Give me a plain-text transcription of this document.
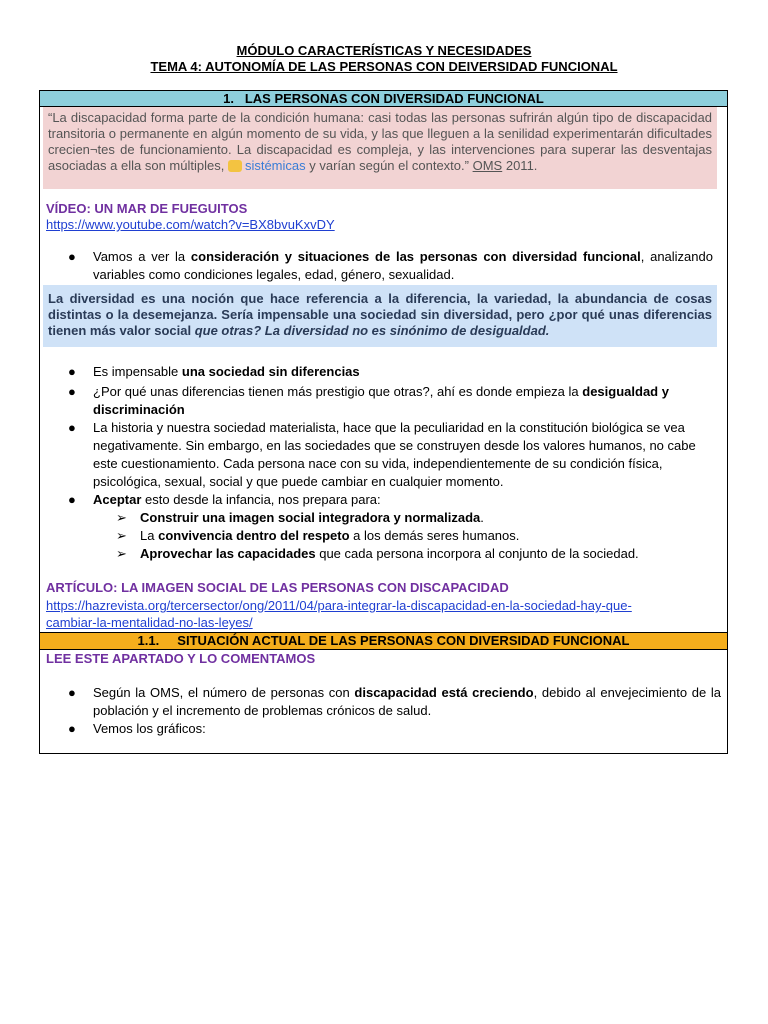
MÓDULO CARACTERÍSTICAS Y NECESIDADES
TEMA 4: AUTONOMÍA DE LAS PERSONAS CON DEIVERSIDAD FUNCIONAL
1. LAS PERSONAS CON DIVERSIDAD FUNCIONAL
“La discapacidad forma parte de la condición humana: casi todas las personas sufrirán algún tipo de discapacidad transitoria o permanente en algún momento de su vida, y las que lleguen a la senilidad experimentarán dificultades crecien¬tes de funcionamiento. La discapacidad es compleja, y las intervenciones para superar las desventajas asociadas a ella son múltiples, sistémicas y varían según el contexto.” OMS 2011.
VÍDEO: UN MAR DE FUEGUITOS
https://www.youtube.com/watch?v=BX8bvuKxvDY
● Vamos a ver la consideración y situaciones de las personas con diversidad funcional, analizando variables como condiciones legales, edad, género, sexualidad.
La diversidad es una noción que hace referencia a la diferencia, la variedad, la abundancia de cosas distintas o la desemejanza. Sería impensable una sociedad sin diversidad, pero ¿por qué unas diferencias tienen más valor social que otras? La diversidad no es sinónimo de desigualdad.
● Es impensable una sociedad sin diferencias
● ¿Por qué unas diferencias tienen más prestigio que otras?, ahí es donde empieza la desigualdad y discriminación
● La historia y nuestra sociedad materialista, hace que la peculiaridad en la constitución biológica se vea negativamente. Sin embargo, en las sociedades que se construyen desde los valores humanos, no cabe este cuestionamiento. Cada persona nace con su vida, independientemente de su condición física, psicológica, sexual, social y que puede cambiar en cualquier momento.
● Aceptar esto desde la infancia, nos prepara para:
➢ Construir una imagen social integradora y normalizada.
➢ La convivencia dentro del respeto a los demás seres humanos.
➢ Aprovechar las capacidades que cada persona incorpora al conjunto de la sociedad.
ARTÍCULO: LA IMAGEN SOCIAL DE LAS PERSONAS CON DISCAPACIDAD
https://hazrevista.org/tercersector/ong/2011/04/para-integrar-la-discapacidad-en-la-sociedad-hay-que-
cambiar-la-mentalidad-no-las-leyes/
1.1. SITUACIÓN ACTUAL DE LAS PERSONAS CON DIVERSIDAD FUNCIONAL
LEE ESTE APARTADO Y LO COMENTAMOS
● Según la OMS, el número de personas con discapacidad está creciendo, debido al envejecimiento de la población y el incremento de problemas crónicos de salud.
● Vemos los gráficos:
